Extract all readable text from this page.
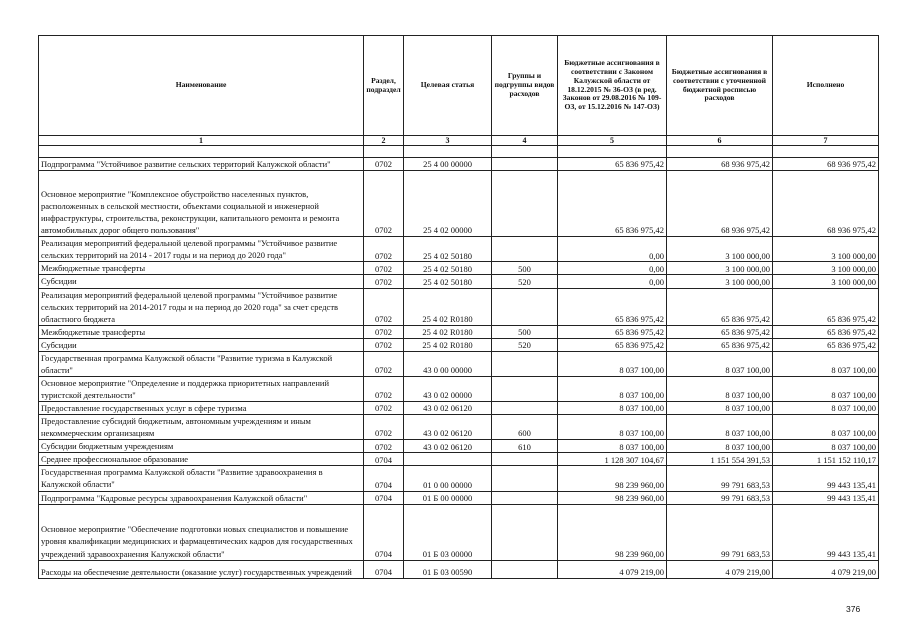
Наименование	Раздел, подраздел	Целевая статья	Группы и подгруппы видов расходов	Бюджетные ассигнования в соответствии с Законом Калужской области от 18.12.2015 № 36-ОЗ (в ред. Законов от 29.08.2016 № 109-ОЗ, от 15.12.2016 № 147-ОЗ)	Бюджетные ассигнования в соответствии с уточненной бюджетной росписью расходов	Исполнено
1	2	3	4	5	6	7

Подпрограмма "Устойчивое развитие сельских территорий Калужской области"	0702	25 4 00 00000		65 836 975,42	68 936 975,42	68 936 975,42
Основное мероприятие "Комплексное обустройство населенных пунктов, расположенных в сельской местности, объектами социальной и инженерной инфраструктуры, строительства, реконструкции, капитального ремонта и ремонта автомобильных дорог общего пользования"	0702	25 4 02 00000		65 836 975,42	68 936 975,42	68 936 975,42
Реализация мероприятий федеральной целевой программы "Устойчивое развитие сельских территорий на 2014 - 2017 годы и на период до 2020 года"	0702	25 4 02 50180		0,00	3 100 000,00	3 100 000,00
Межбюджетные трансферты	0702	25 4 02 50180	500	0,00	3 100 000,00	3 100 000,00
Субсидии	0702	25 4 02 50180	520	0,00	3 100 000,00	3 100 000,00
Реализация мероприятий федеральной целевой программы "Устойчивое развитие сельских территорий на 2014-2017 годы и на период до 2020 года" за счет средств областного бюджета	0702	25 4 02 R0180		65 836 975,42	65 836 975,42	65 836 975,42
Межбюджетные трансферты	0702	25 4 02 R0180	500	65 836 975,42	65 836 975,42	65 836 975,42
Субсидии	0702	25 4 02 R0180	520	65 836 975,42	65 836 975,42	65 836 975,42
Государственная программа Калужской области "Развитие туризма в Калужской области"	0702	43 0 00 00000		8 037 100,00	8 037 100,00	8 037 100,00
Основное мероприятие "Определение и поддержка приоритетных направлений туристской деятельности"	0702	43 0 02 00000		8 037 100,00	8 037 100,00	8 037 100,00
Предоставление государственных услуг в сфере туризма	0702	43 0 02 06120		8 037 100,00	8 037 100,00	8 037 100,00
Предоставление субсидий бюджетным, автономным учреждениям и иным некоммерческим организациям	0702	43 0 02 06120	600	8 037 100,00	8 037 100,00	8 037 100,00
Субсидии бюджетным учреждениям	0702	43 0 02 06120	610	8 037 100,00	8 037 100,00	8 037 100,00
Среднее профессиональное образование	0704			1 128 307 104,67	1 151 554 391,53	1 151 152 110,17
Государственная программа Калужской области "Развитие здравоохранения в Калужской области"	0704	01 0 00 00000		98 239 960,00	99 791 683,53	99 443 135,41
Подпрограмма "Кадровые ресурсы здравоохранения Калужской области"	0704	01 Б 00 00000		98 239 960,00	99 791 683,53	99 443 135,41
Основное мероприятие "Обеспечение подготовки новых специалистов и повышение уровня квалификации медицинских и фармацевтических кадров для государственных учреждений здравоохранения Калужской области"	0704	01 Б 03 00000		98 239 960,00	99 791 683,53	99 443 135,41
Расходы на обеспечение деятельности (оказание услуг) государственных учреждений	0704	01 Б 03 00590		4 079 219,00	4 079 219,00	4 079 219,00
376
